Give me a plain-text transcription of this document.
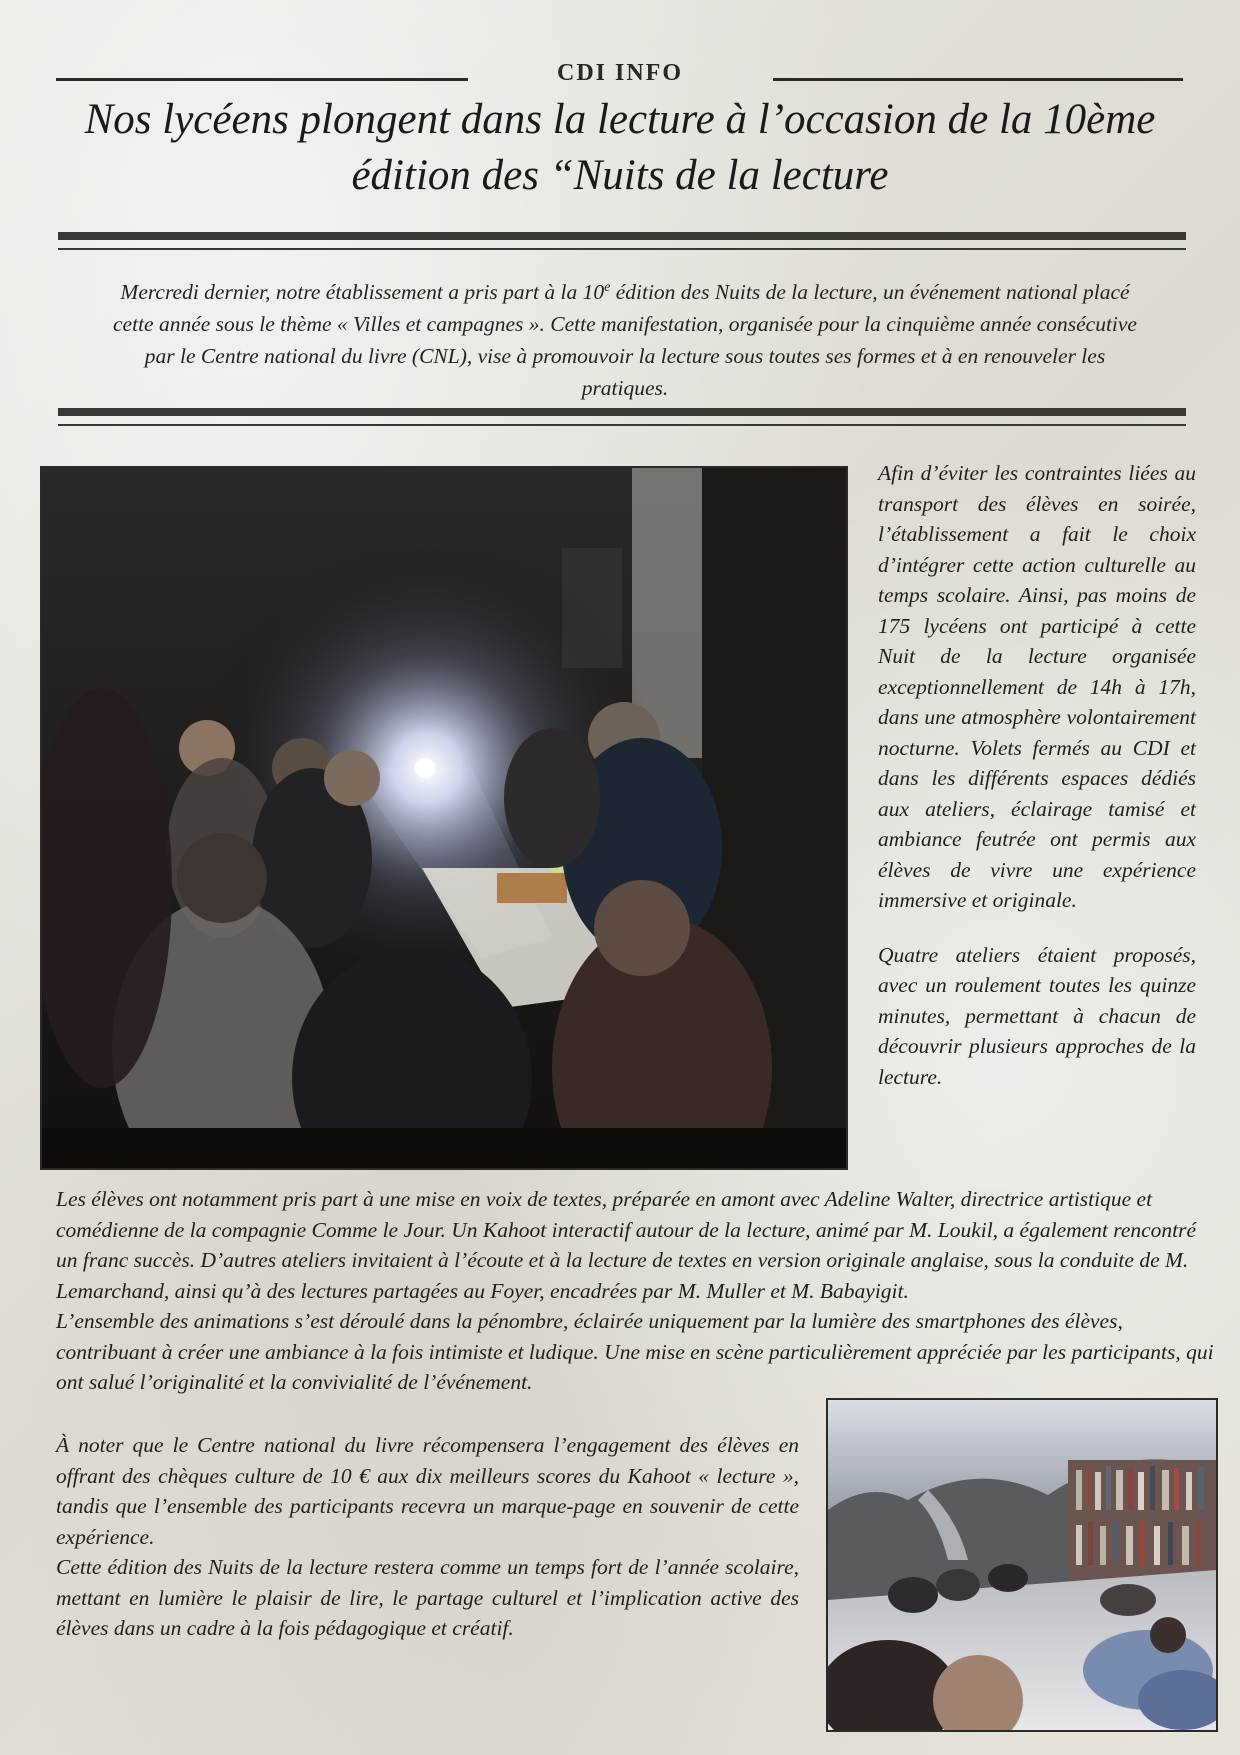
CDI INFO
Nos lycéens plongent dans la lecture à l’occasion de la 10ème édition des “Nuits de la lecture
Mercredi dernier, notre établissement a pris part à la 10e édition des Nuits de la lecture, un événement national placé cette année sous le thème « Villes et campagnes ». Cette manifestation, organisée pour la cinquième année consécutive par le Centre national du livre (CNL), vise à promouvoir la lecture sous toutes ses formes et à en renouveler les pratiques.

Afin d’éviter les contraintes liées au transport des élèves en soirée, l’établissement a fait le choix d’intégrer cette action culturelle au temps scolaire. Ainsi, pas moins de 175 lycéens ont participé à cette Nuit de la lecture organisée exceptionnellement de 14h à 17h, dans une atmosphère volontairement nocturne. Volets fermés au CDI et dans les différents espaces dédiés aux ateliers, éclairage tamisé et ambiance feutrée ont permis aux élèves de vivre une expérience immersive et originale.

Quatre ateliers étaient proposés, avec un roulement toutes les quinze minutes, permettant à chacun de découvrir plusieurs approches de la lecture.

Les élèves ont notamment pris part à une mise en voix de textes, préparée en amont avec Adeline Walter, directrice artistique et comédienne de la compagnie Comme le Jour. Un Kahoot interactif autour de la lecture, animé par M. Loukil, a également rencontré un franc succès. D’autres ateliers invitaient à l’écoute et à la lecture de textes en version originale anglaise, sous la conduite de M. Lemarchand, ainsi qu’à des lectures partagées au Foyer, encadrées par M. Muller et M. Babayigit.

L’ensemble des animations s’est déroulé dans la pénombre, éclairée uniquement par la lumière des smartphones des élèves, contribuant à créer une ambiance à la fois intimiste et ludique. Une mise en scène particulièrement appréciée par les participants, qui ont salué l’originalité et la convivialité de l’événement.

À noter que le Centre national du livre récompensera l’engagement des élèves en offrant des chèques culture de 10 € aux dix meilleurs scores du Kahoot « lecture », tandis que l’ensemble des participants recevra un marque-page en souvenir de cette expérience.

Cette édition des Nuits de la lecture restera comme un temps fort de l’année scolaire, mettant en lumière le plaisir de lire, le partage culturel et l’implication active des élèves dans un cadre à la fois pédagogique et créatif.
